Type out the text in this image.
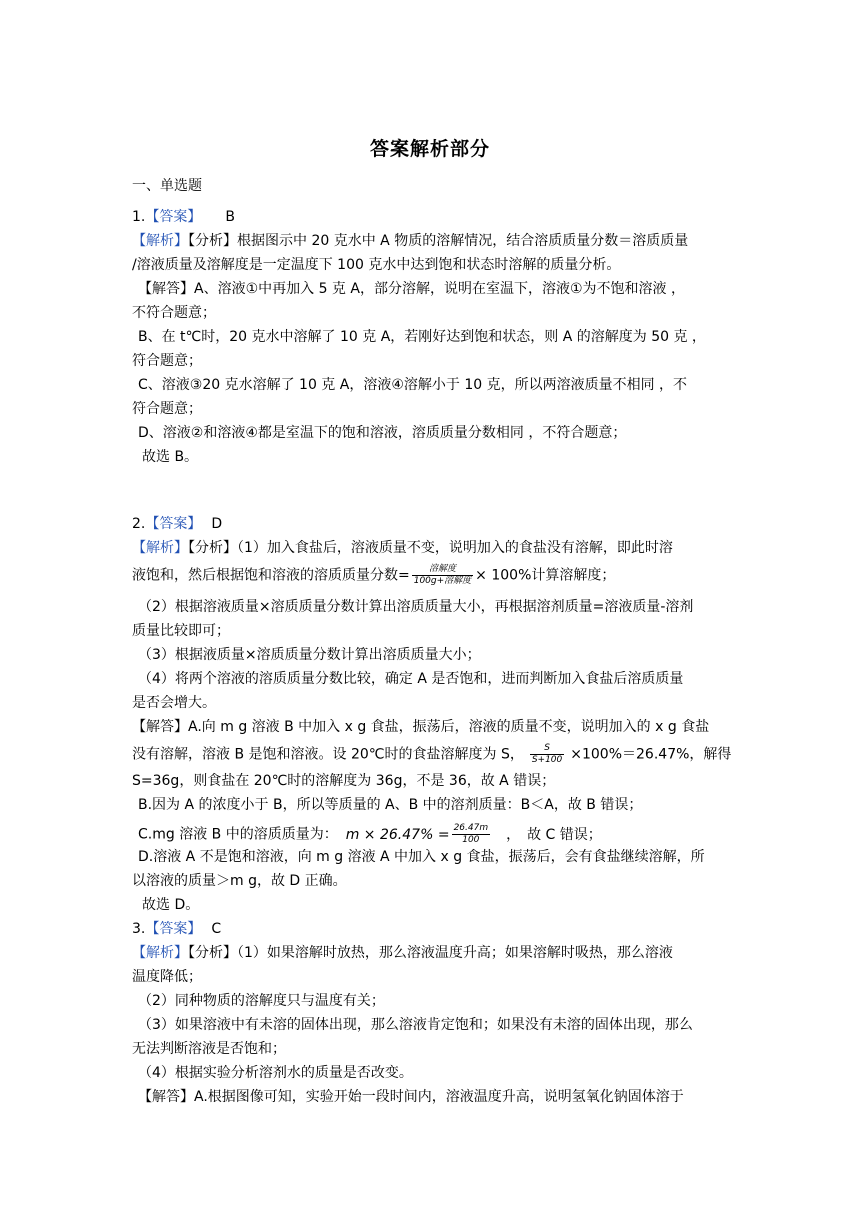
答案解析部分
一、单选题
1.【答案】 B
【解析】【分析】根据图示中 20 克水中 A 物质的溶解情况，结合溶质质量分数＝溶质质量
/溶液质量及溶解度是一定温度下 100 克水中达到饱和状态时溶解的质量分析。
【解答】A、溶液①中再加入 5 克 A，部分溶解，说明在室温下，溶液①为不饱和溶液 ，
不符合题意；
B、在 t℃时，20 克水中溶解了 10 克 A，若刚好达到饱和状态，则 A 的溶解度为 50 克 ，
符合题意；
C、溶液③20 克水溶解了 10 克 A，溶液④溶解小于 10 克，所以两溶液质量不相同 ，不
符合题意；
D、溶液②和溶液④都是室温下的饱和溶液，溶质质量分数相同 ，不符合题意；
故选 B。
2.【答案】 D
【解析】【分析】（1）加入食盐后，溶液质量不变，说明加入的食盐没有溶解，即此时溶
液饱和，然后根据饱和溶液的溶质质量分数= $\frac{\text{溶解度}}{\text{100g+溶解度}} \times 100\%$计算溶解度；
（2）根据溶液质量×溶质质量分数计算出溶质质量大小，再根据溶剂质量=溶液质量-溶剂
质量比较即可；
（3）根据液质量×溶质质量分数计算出溶质质量大小；
（4）将两个溶液的溶质质量分数比较，确定 A 是否饱和，进而判断加入食盐后溶质质量
是否会增大。
【解答】A.向 m g 溶液 B 中加入 x g 食盐，振荡后，溶液的质量不变，说明加入的 x g 食盐
没有溶解，溶液 B 是饱和溶液。设 20℃时的食盐溶解度为 S， $\frac{S}{S+100} \times 100\%=26.47\%$，解得
S=36g，则食盐在 20℃时的溶解度为 36g，不是 36，故 A 错误；
B.因为 A 的浓度小于 B，所以等质量的 A、B 中的溶剂质量：B＜A，故 B 错误；
C.mg 溶液 B 中的溶质质量为： $m \times 26.47\% = \frac{26.47m}{100}$ ，　故 C 错误；
D.溶液 A 不是饱和溶液，向 m g 溶液 A 中加入 x g 食盐，振荡后，会有食盐继续溶解，所
以溶液的质量＞m g，故 D 正确。
故选 D。
3.【答案】 C
【解析】【分析】（1）如果溶解时放热，那么溶液温度升高；如果溶解时吸热，那么溶液
温度降低；
（2）同种物质的溶解度只与温度有关；
（3）如果溶液中有未溶的固体出现，那么溶液肯定饱和；如果没有未溶的固体出现，那么
无法判断溶液是否饱和；
（4）根据实验分析溶剂水的质量是否改变。
【解答】A.根据图像可知，实验开始一段时间内，溶液温度升高，说明氢氧化钠固体溶于
